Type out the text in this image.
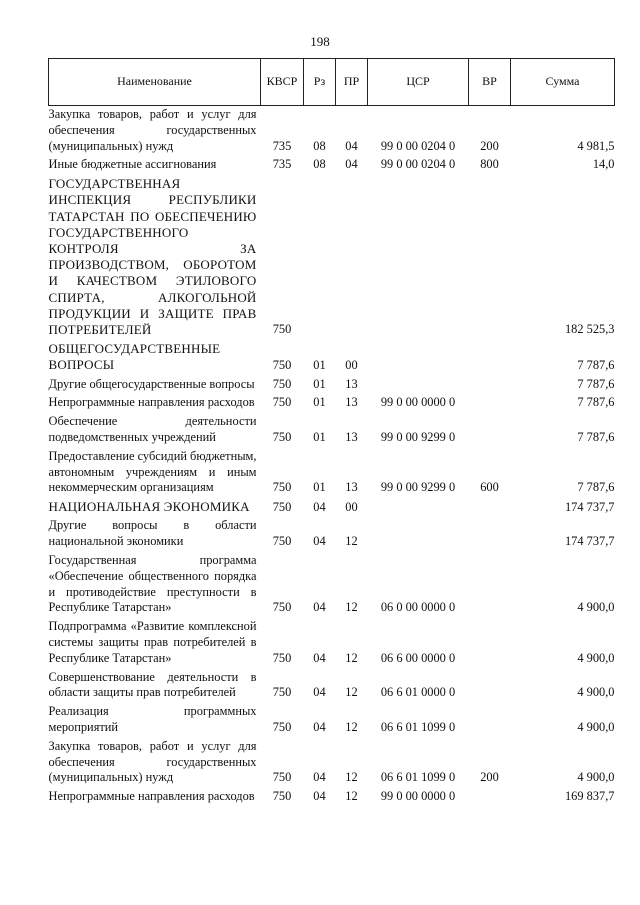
198
Наименование	КВСР	Рз	ПР	ЦСР	ВР	Сумма
Закупка товаров, работ и услуг для обеспечения государственных (муниципальных) нужд	735	08	04	99 0 00 0204 0	200	4 981,5
Иные бюджетные ассигнования	735	08	04	99 0 00 0204 0	800	14,0
ГОСУДАРСТВЕННАЯ ИНСПЕКЦИЯ РЕСПУБЛИКИ ТАТАРСТАН ПО ОБЕСПЕЧЕНИЮ ГОСУДАРСТВЕННОГО КОНТРОЛЯ ЗА ПРОИЗВОДСТВОМ, ОБОРОТОМ И КАЧЕСТВОМ ЭТИЛОВОГО СПИРТА, АЛКОГОЛЬНОЙ ПРОДУКЦИИ И ЗАЩИТЕ ПРАВ ПОТРЕБИТЕЛЕЙ	750					182 525,3
ОБЩЕГОСУДАРСТВЕННЫЕ ВОПРОСЫ	750	01	00			7 787,6
Другие общегосударственные вопросы	750	01	13			7 787,6
Непрограммные направления расходов	750	01	13	99 0 00 0000 0		7 787,6
Обеспечение деятельности подведомственных учреждений	750	01	13	99 0 00 9299 0		7 787,6
Предоставление субсидий бюджетным, автономным учреждениям и иным некоммерческим организациям	750	01	13	99 0 00 9299 0	600	7 787,6
НАЦИОНАЛЬНАЯ ЭКОНОМИКА	750	04	00			174 737,7
Другие вопросы в области национальной экономики	750	04	12			174 737,7
Государственная программа «Обеспечение общественного порядка и противодействие преступности в Республике Татарстан»	750	04	12	06 0 00 0000 0		4 900,0
Подпрограмма «Развитие комплексной системы защиты прав потребителей в Республике Татарстан»	750	04	12	06 6 00 0000 0		4 900,0
Совершенствование деятельности в области защиты прав потребителей	750	04	12	06 6 01 0000 0		4 900,0
Реализация программных мероприятий	750	04	12	06 6 01 1099 0		4 900,0
Закупка товаров, работ и услуг для обеспечения государственных (муниципальных) нужд	750	04	12	06 6 01 1099 0	200	4 900,0
Непрограммные направления расходов	750	04	12	99 0 00 0000 0		169 837,7
